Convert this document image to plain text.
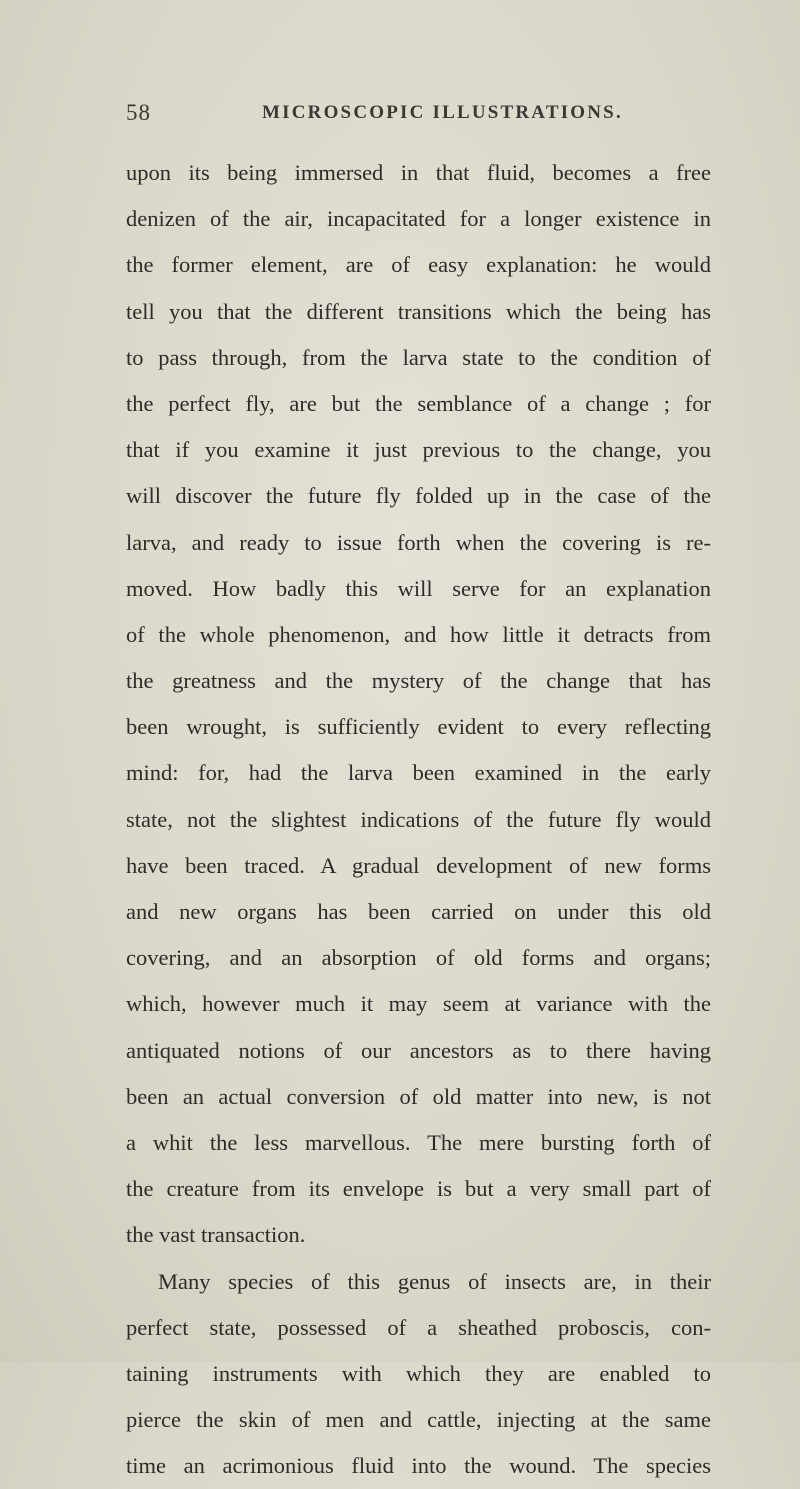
58	MICROSCOPIC ILLUSTRATIONS.
upon its being immersed in that fluid, becomes a free
denizen of the air, incapacitated for a longer existence in
the former element, are of easy explanation: he would
tell you that the different transitions which the being has
to pass through, from the larva state to the condition of
the perfect fly, are but the semblance of a change ; for
that if you examine it just previous to the change, you
will discover the future fly folded up in the case of the
larva, and ready to issue forth when the covering is re-
moved. How badly this will serve for an explanation
of the whole phenomenon, and how little it detracts from
the greatness and the mystery of the change that has
been wrought, is sufficiently evident to every reflecting
mind: for, had the larva been examined in the early
state, not the slightest indications of the future fly would
have been traced. A gradual development of new forms
and new organs has been carried on under this old
covering, and an absorption of old forms and organs;
which, however much it may seem at variance with the
antiquated notions of our ancestors as to there having
been an actual conversion of old matter into new, is not
a whit the less marvellous. The mere bursting forth of
the creature from its envelope is but a very small part of
the vast transaction.
Many species of this genus of insects are, in their
perfect state, possessed of a sheathed proboscis, con-
taining instruments with which they are enabled to
pierce the skin of men and cattle, injecting at the same
time an acrimonious fluid into the wound. The species
